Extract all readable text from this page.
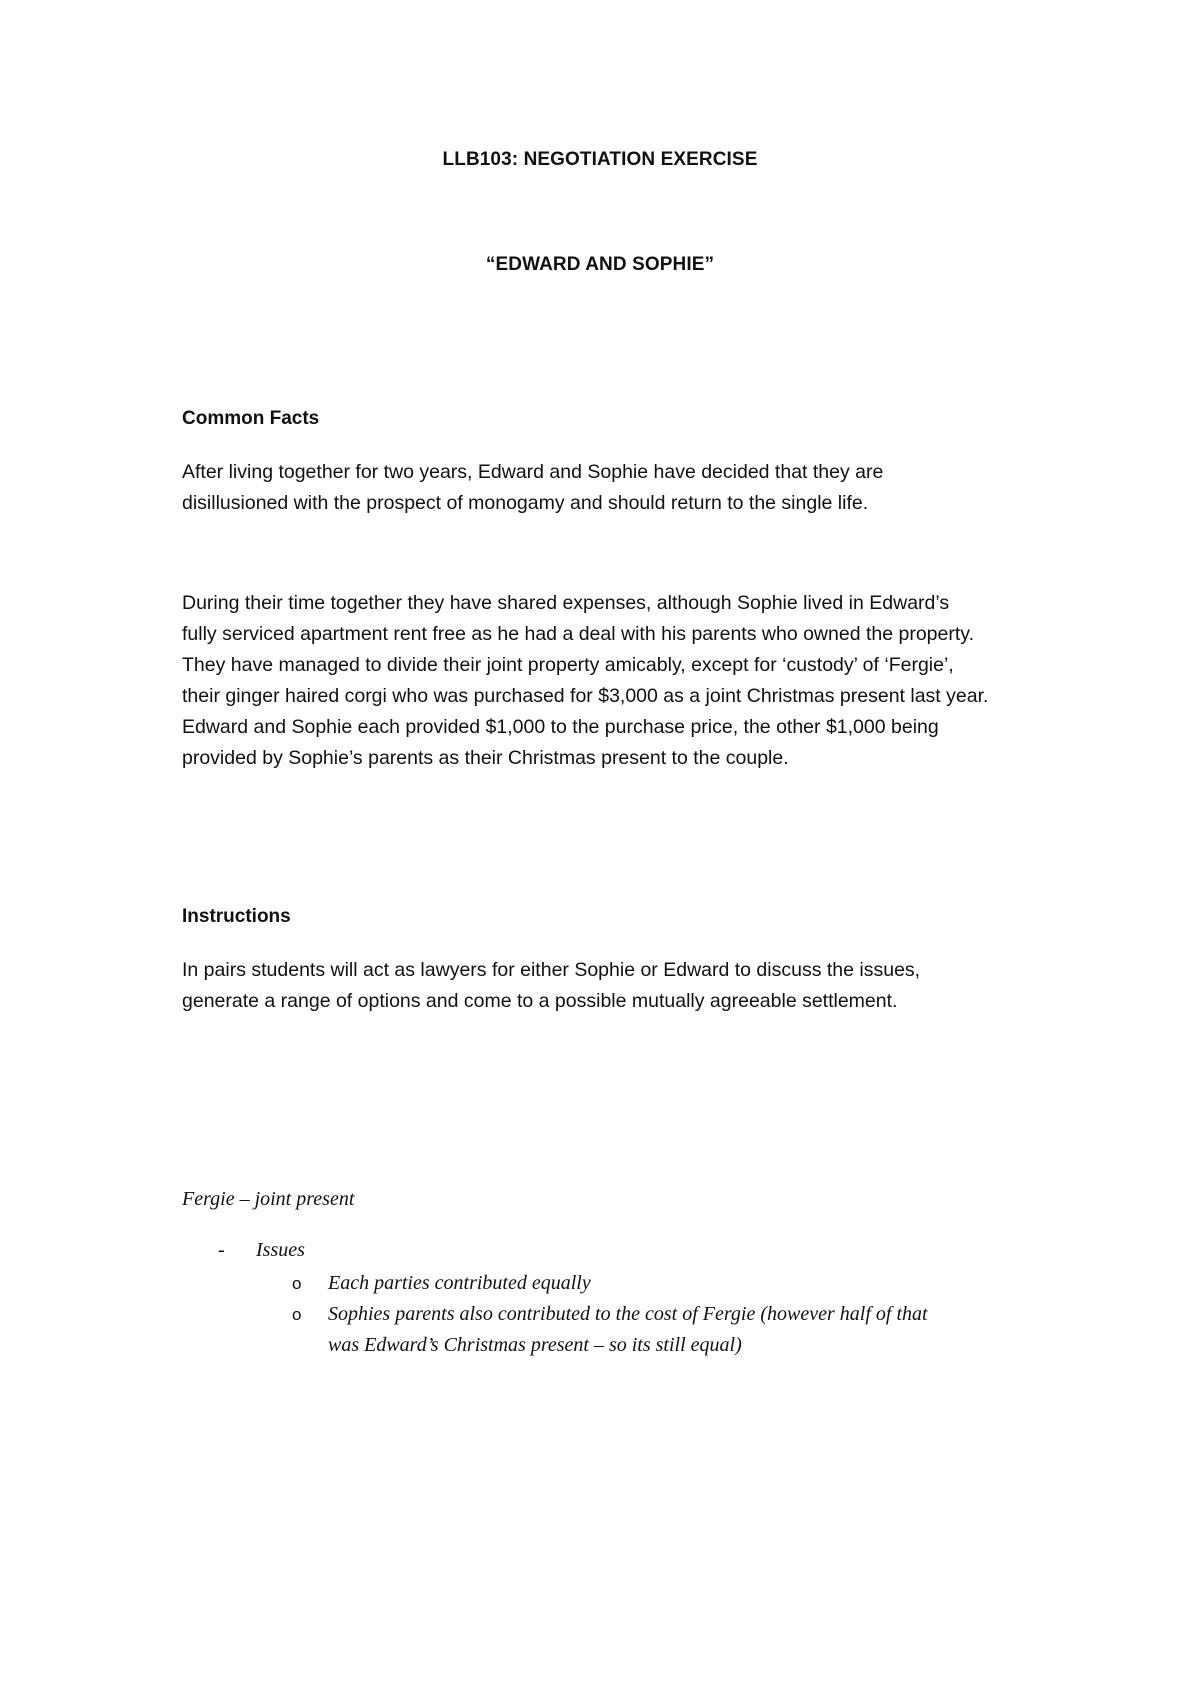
LLB103: NEGOTIATION EXERCISE
“EDWARD AND SOPHIE”
Common Facts
After living together for two years, Edward and Sophie have decided that they are
disillusioned with the prospect of monogamy and should return to the single life.
During their time together they have shared expenses, although Sophie lived in Edward’s
fully serviced apartment rent free as he had a deal with his parents who owned the property.
They have managed to divide their joint property amicably, except for ‘custody’ of ‘Fergie’,
their ginger haired corgi who was purchased for $3,000 as a joint Christmas present last year.
Edward and Sophie each provided $1,000 to the purchase price, the other $1,000 being
provided by Sophie’s parents as their Christmas present to the couple.
Instructions
In pairs students will act as lawyers for either Sophie or Edward to discuss the issues,
generate a range of options and come to a possible mutually agreeable settlement.
Fergie – joint present
- Issues
o Each parties contributed equally
o Sophies parents also contributed to the cost of Fergie (however half of that
was Edward’s Christmas present – so its still equal)
